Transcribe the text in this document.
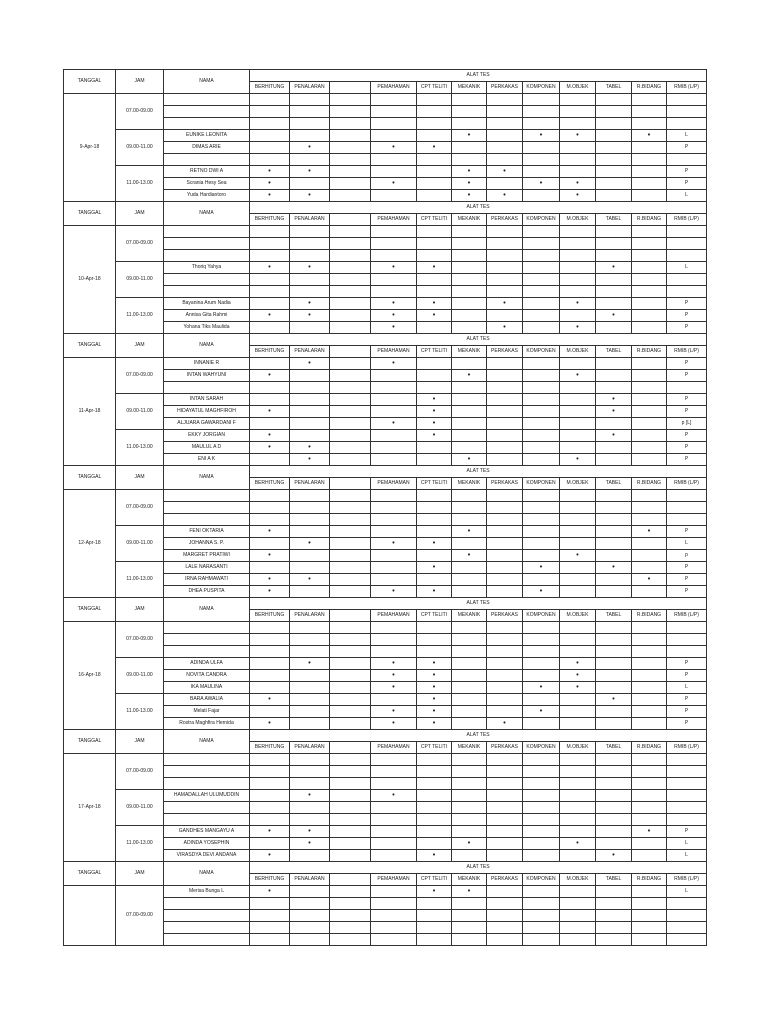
TANGGAL	JAM	NAMA	ALAT TES											
			BERHITUNG	PENALARAN		PEMAHAMAN	CPT TELITI	MEKANIK	PERKAKAS	KOMPONEN	M.OBJEK	TABEL	R.BIDANG	RMIB (L/P)
9-Apr-18	07.00-09.00													

	09.00-11.00	EUNIKE LEONITA						•		•	•		•	L
		DIMAS ARIE		•		•	•							P

	11.00-13.00	RETNO DWI A	•	•				•	•					P
		Scrania Hesy Sea	•			•		•		•	•			P
		Yuda Hardiantoro	•	•				•	•		•			L
TANGGAL	JAM	NAMA	ALAT TES											
			BERHITUNG	PENALARAN		PEMAHAMAN	CPT TELITI	MEKANIK	PERKAKAS	KOMPONEN	M.OBJEK	TABEL	R.BIDANG	RMIB (L/P)
10-Apr-18	07.00-09.00													

	09.00-11.00	Thoriq Yahya	•	•		•	•					•		L

	11.00-13.00	Bayanina Arum Nadia		•		•	•		•		•			P
		Annisa Gita Rahmi	•	•		•	•					•		P
		Yohana Tiks Maulida				•			•		•			P
TANGGAL	JAM	NAMA	ALAT TES											
			BERHITUNG	PENALARAN		PEMAHAMAN	CPT TELITI	MEKANIK	PERKAKAS	KOMPONEN	M.OBJEK	TABEL	R.BIDANG	RMIB (L/P)
11-Apr-18	07.00-09.00	INNANIE R		•		•								P
		INTAN WAHYUNI	•					•			•			P

	09.00-11.00	INTAN SARAH					•					•		P
		HIDAYATUL MAGHFIROH	•				•					•		P
		ALJUARA GAWARDANI F				•	•							p [L]
	11.00-13.00	EKKY JORGIAN	•				•					•		P
		MAULUL A D	•	•										P
		ENI A K		•				•			•			P
TANGGAL	JAM	NAMA	ALAT TES											
			BERHITUNG	PENALARAN		PEMAHAMAN	CPT TELITI	MEKANIK	PERKAKAS	KOMPONEN	M.OBJEK	TABEL	R.BIDANG	RMIB (L/P)
12-Apr-18	07.00-09.00													

	09.00-11.00	FENI OKTARIA	•					•					•	P
		JOHANNA S. P.		•		•	•							L
		MARGRET PRATIWI	•					•			•			p
	11.00-13.00	LALE NARASANTI					•			•		•		P
		IRNA RAHMAWATI	•	•									•	P
		DHEA PUSPITA	•			•	•			•				P
TANGGAL	JAM	NAMA	ALAT TES											
			BERHITUNG	PENALARAN		PEMAHAMAN	CPT TELITI	MEKANIK	PERKAKAS	KOMPONEN	M.OBJEK	TABEL	R.BIDANG	RMIB (L/P)
16-Apr-18	07.00-09.00													

	09.00-11.00	ADINDA ULFA		•		•	•				•			P
		NOVITA CANDRA				•	•				•			P
		IKA MAULINA				•	•			•	•			L
	11.00-13.00	BARA AWALIA	•				•					•		P
		Melati Fajar				•	•			•				P
		Rostra Maghfira Hernida	•			•	•		•					P
TANGGAL	JAM	NAMA	ALAT TES											
			BERHITUNG	PENALARAN		PEMAHAMAN	CPT TELITI	MEKANIK	PERKAKAS	KOMPONEN	M.OBJEK	TABEL	R.BIDANG	RMIB (L/P)
17-Apr-18	07.00-09.00													

	09.00-11.00	HAMADALLAH ULUMUDDIN		•		•								

	11.00-13.00	GANDHES MANGAYU A	•	•									•	P
		ADINDA YOSEPHIN		•				•			•			L
		VIRASDYA DEVI ANDANA	•				•					•		L
TANGGAL	JAM	NAMA	ALAT TES											
			BERHITUNG	PENALARAN		PEMAHAMAN	CPT TELITI	MEKANIK	PERKAKAS	KOMPONEN	M.OBJEK	TABEL	R.BIDANG	RMIB (L/P)
	07.00-09.00	Merisa Bunga L	•				•	•						L
